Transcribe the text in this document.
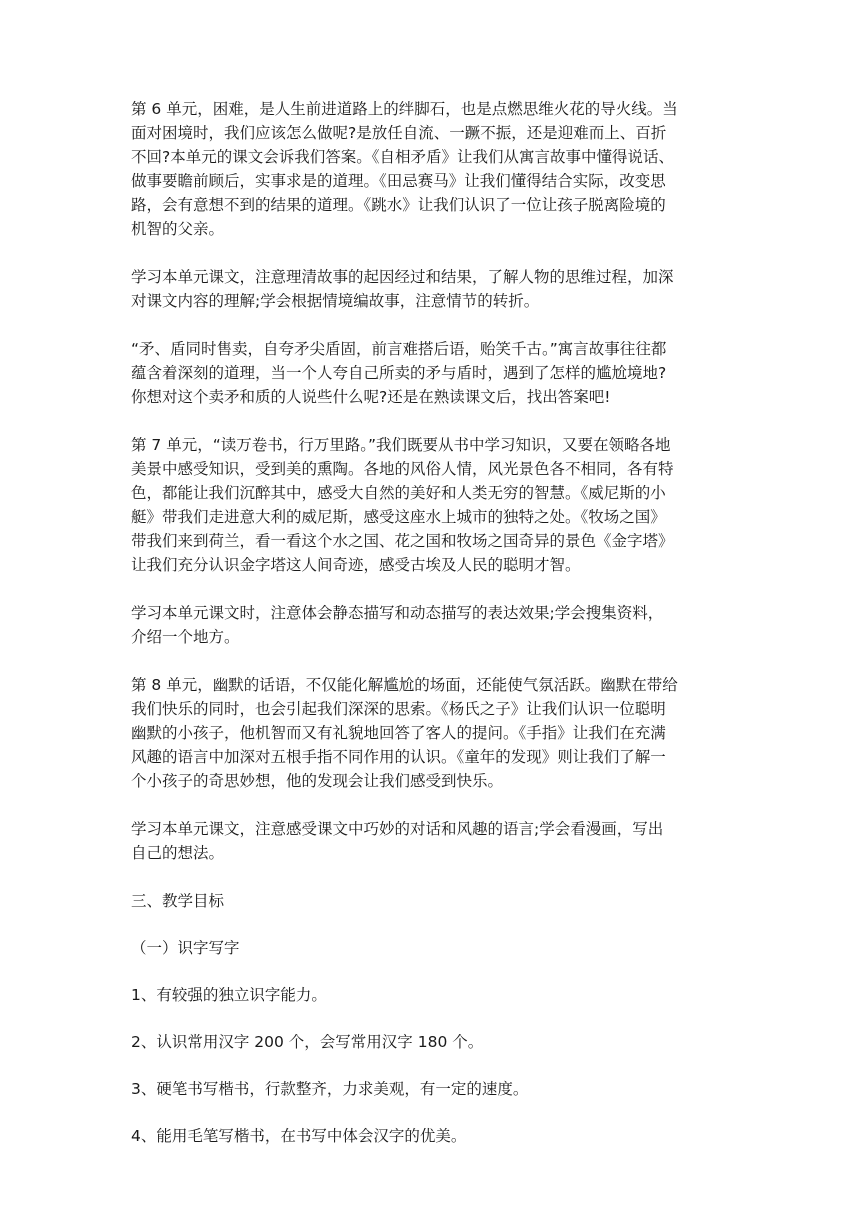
第 6 单元，困难，是人生前进道路上的绊脚石，也是点燃思维火花的导火线。当
面对困境时，我们应该怎么做呢?是放任自流、一蹶不振，还是迎难而上、百折
不回?本单元的课文会诉我们答案。《自相矛盾》让我们从寓言故事中懂得说话、
做事要瞻前顾后，实事求是的道理。《田忌赛马》让我们懂得结合实际，改变思
路，会有意想不到的结果的道理。《跳水》让我们认识了一位让孩子脱离险境的
机智的父亲。
学习本单元课文，注意理清故事的起因经过和结果，了解人物的思维过程，加深
对课文内容的理解;学会根据情境编故事，注意情节的转折。
“矛、盾同时售卖，自夸矛尖盾固，前言难搭后语，贻笑千古。”寓言故事往往都
蕴含着深刻的道理，当一个人夸自己所卖的矛与盾时，遇到了怎样的尴尬境地?
你想对这个卖矛和质的人说些什么呢?还是在熟读课文后，找出答案吧!
第 7 单元，“读万卷书，行万里路。”我们既要从书中学习知识，又要在领略各地
美景中感受知识，受到美的熏陶。各地的风俗人情，风光景色各不相同，各有特
色，都能让我们沉醉其中，感受大自然的美好和人类无穷的智慧。《威尼斯的小
艇》带我们走进意大利的威尼斯，感受这座水上城市的独特之处。《牧场之国》
带我们来到荷兰，看一看这个水之国、花之国和牧场之国奇异的景色《金字塔》
让我们充分认识金字塔这人间奇迹，感受古埃及人民的聪明才智。
学习本单元课文时，注意体会静态描写和动态描写的表达效果;学会搜集资料，
介绍一个地方。
第 8 单元，幽默的话语，不仅能化解尴尬的场面，还能使气氛活跃。幽默在带给
我们快乐的同时，也会引起我们深深的思索。《杨氏之子》让我们认识一位聪明
幽默的小孩子，他机智而又有礼貌地回答了客人的提问。《手指》让我们在充满
风趣的语言中加深对五根手指不同作用的认识。《童年的发现》则让我们了解一
个小孩子的奇思妙想，他的发现会让我们感受到快乐。
学习本单元课文，注意感受课文中巧妙的对话和风趣的语言;学会看漫画，写出
自己的想法。
三、教学目标
（一）识字写字
1、有较强的独立识字能力。
2、认识常用汉字 200 个，会写常用汉字 180 个。
3、硬笔书写楷书，行款整齐，力求美观，有一定的速度。
4、能用毛笔写楷书，在书写中体会汉字的优美。
